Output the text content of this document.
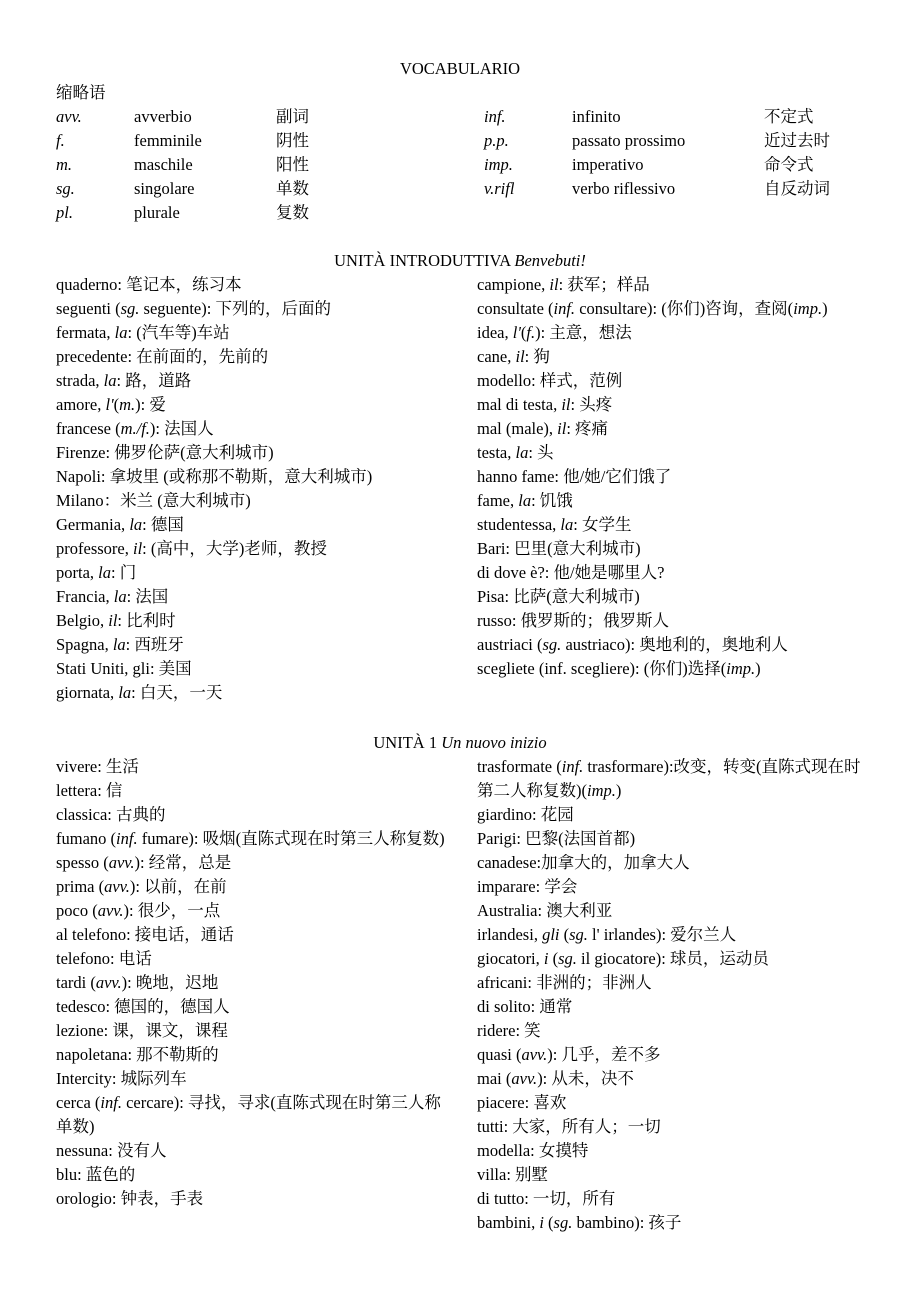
VOCABULARIO
缩略语
avv.	avverbio	副词
f.	femminile	阴性
m.	maschile	阳性
sg.	singolare	单数
pl.	plurale	复数
inf.	infinito	不定式
p.p.	passato prossimo	近过去时
imp.	imperativo	命令式
v.rifl	verbo riflessivo	自反动词
UNITÀ INTRODUTTIVA Benvebuti!
quaderno: 笔记本，练习本
seguenti (sg. seguente): 下列的，后面的
fermata, la: (汽车等)车站
precedente: 在前面的，先前的
strada, la: 路，道路
amore, l'(m.): 爱
francese (m./f.): 法国人
Firenze: 佛罗伦萨(意大利城市)
Napoli: 拿坡里 (或称那不勒斯，意大利城市)
Milano：米兰 (意大利城市)
Germania, la: 德国
professore, il: (高中，大学)老师，教授
porta, la: 门
Francia, la: 法国
Belgio, il: 比利时
Spagna, la: 西班牙
Stati Uniti, gli: 美国
giornata, la: 白天，一天
campione, il: 获军；样品
consultate (inf. consultare): (你们)咨询，查阅(imp.)
idea, l'(f.): 主意，想法
cane, il: 狗
modello: 样式，范例
mal di testa, il: 头疼
mal (male), il: 疼痛
testa, la: 头
hanno fame: 他/她/它们饿了
fame, la: 饥饿
studentessa, la: 女学生
Bari: 巴里(意大利城市)
di dove è?: 他/她是哪里人?
Pisa: 比萨(意大利城市)
russo: 俄罗斯的；俄罗斯人
austriaci (sg. austriaco): 奥地利的，奥地利人
scegliete (inf. scegliere): (你们)选择(imp.)
UNITÀ 1 Un nuovo inizio
vivere: 生活
lettera: 信
classica: 古典的
fumano (inf. fumare): 吸烟(直陈式现在时第三人称复数)
spesso (avv.): 经常，总是
prima (avv.): 以前，在前
poco (avv.): 很少，一点
al telefono: 接电话，通话
telefono: 电话
tardi (avv.): 晚地，迟地
tedesco: 德国的，德国人
lezione: 课，课文，课程
napoletana: 那不勒斯的
Intercity: 城际列车
cerca (inf. cercare): 寻找，寻求(直陈式现在时第三人称单数)
nessuna: 没有人
blu: 蓝色的
orologio: 钟表，手表
trasformate (inf. trasformare):改变，转变(直陈式现在时第二人称复数)(imp.)
giardino: 花园
Parigi: 巴黎(法国首都)
canadese:加拿大的，加拿大人
imparare: 学会
Australia: 澳大利亚
irlandesi, gli (sg. l' irlandes): 爱尔兰人
giocatori, i (sg. il giocatore): 球员，运动员
africani: 非洲的；非洲人
di solito: 通常
ridere: 笑
quasi (avv.): 几乎，差不多
mai (avv.): 从未，决不
piacere: 喜欢
tutti: 大家，所有人；一切
modella: 女摸特
villa: 别墅
di tutto: 一切，所有
bambini, i (sg. bambino): 孩子
